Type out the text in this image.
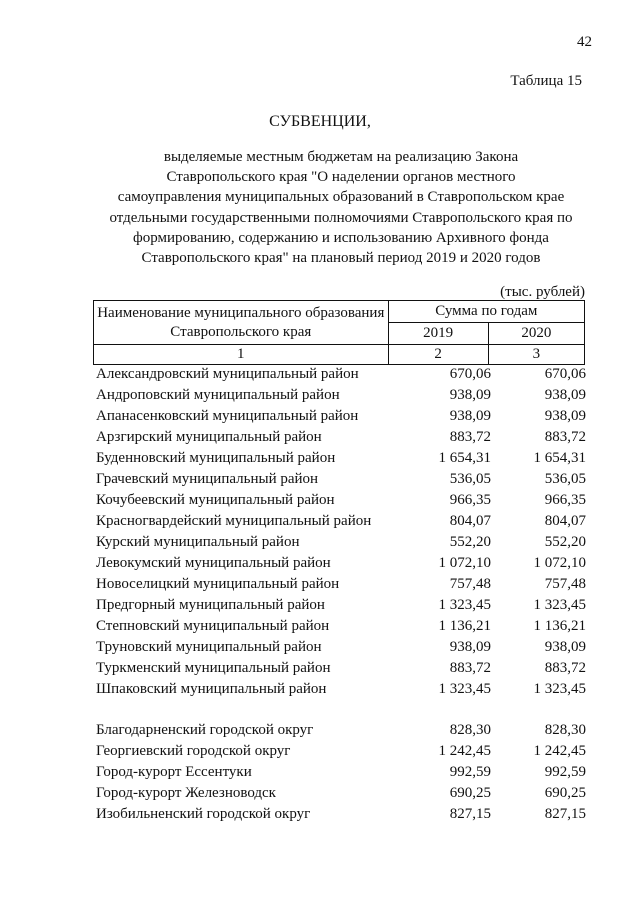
42
Таблица 15
СУБВЕНЦИИ,
выделяемые местным бюджетам на реализацию Закона
Ставропольского края "О наделении органов местного
самоуправления муниципальных образований в Ставропольском крае
отдельными государственными полномочиями Ставропольского края по
формированию, содержанию и использованию Архивного фонда
Ставропольского края" на плановый период 2019 и 2020 годов
(тыс. рублей)
Наименование муниципального образования
Ставропольского края	Сумма по годам	
	2019	2020
1	2	3
Александровский муниципальный район	670,06	670,06
Андроповский муниципальный район	938,09	938,09
Апанасенковский муниципальный район	938,09	938,09
Арзгирский муниципальный район	883,72	883,72
Буденновский муниципальный район	1 654,31	1 654,31
Грачевский муниципальный район	536,05	536,05
Кочубеевский муниципальный район	966,35	966,35
Красногвардейский муниципальный район	804,07	804,07
Курский муниципальный район	552,20	552,20
Левокумский муниципальный район	1 072,10	1 072,10
Новоселицкий муниципальный район	757,48	757,48
Предгорный муниципальный район	1 323,45	1 323,45
Степновский муниципальный район	1 136,21	1 136,21
Труновский муниципальный район	938,09	938,09
Туркменский муниципальный район	883,72	883,72
Шпаковский муниципальный район	1 323,45	1 323,45
Благодарненский городской округ	828,30	828,30
Георгиевский городской округ	1 242,45	1 242,45
Город-курорт Ессентуки	992,59	992,59
Город-курорт Железноводск	690,25	690,25
Изобильненский городской округ	827,15	827,15
